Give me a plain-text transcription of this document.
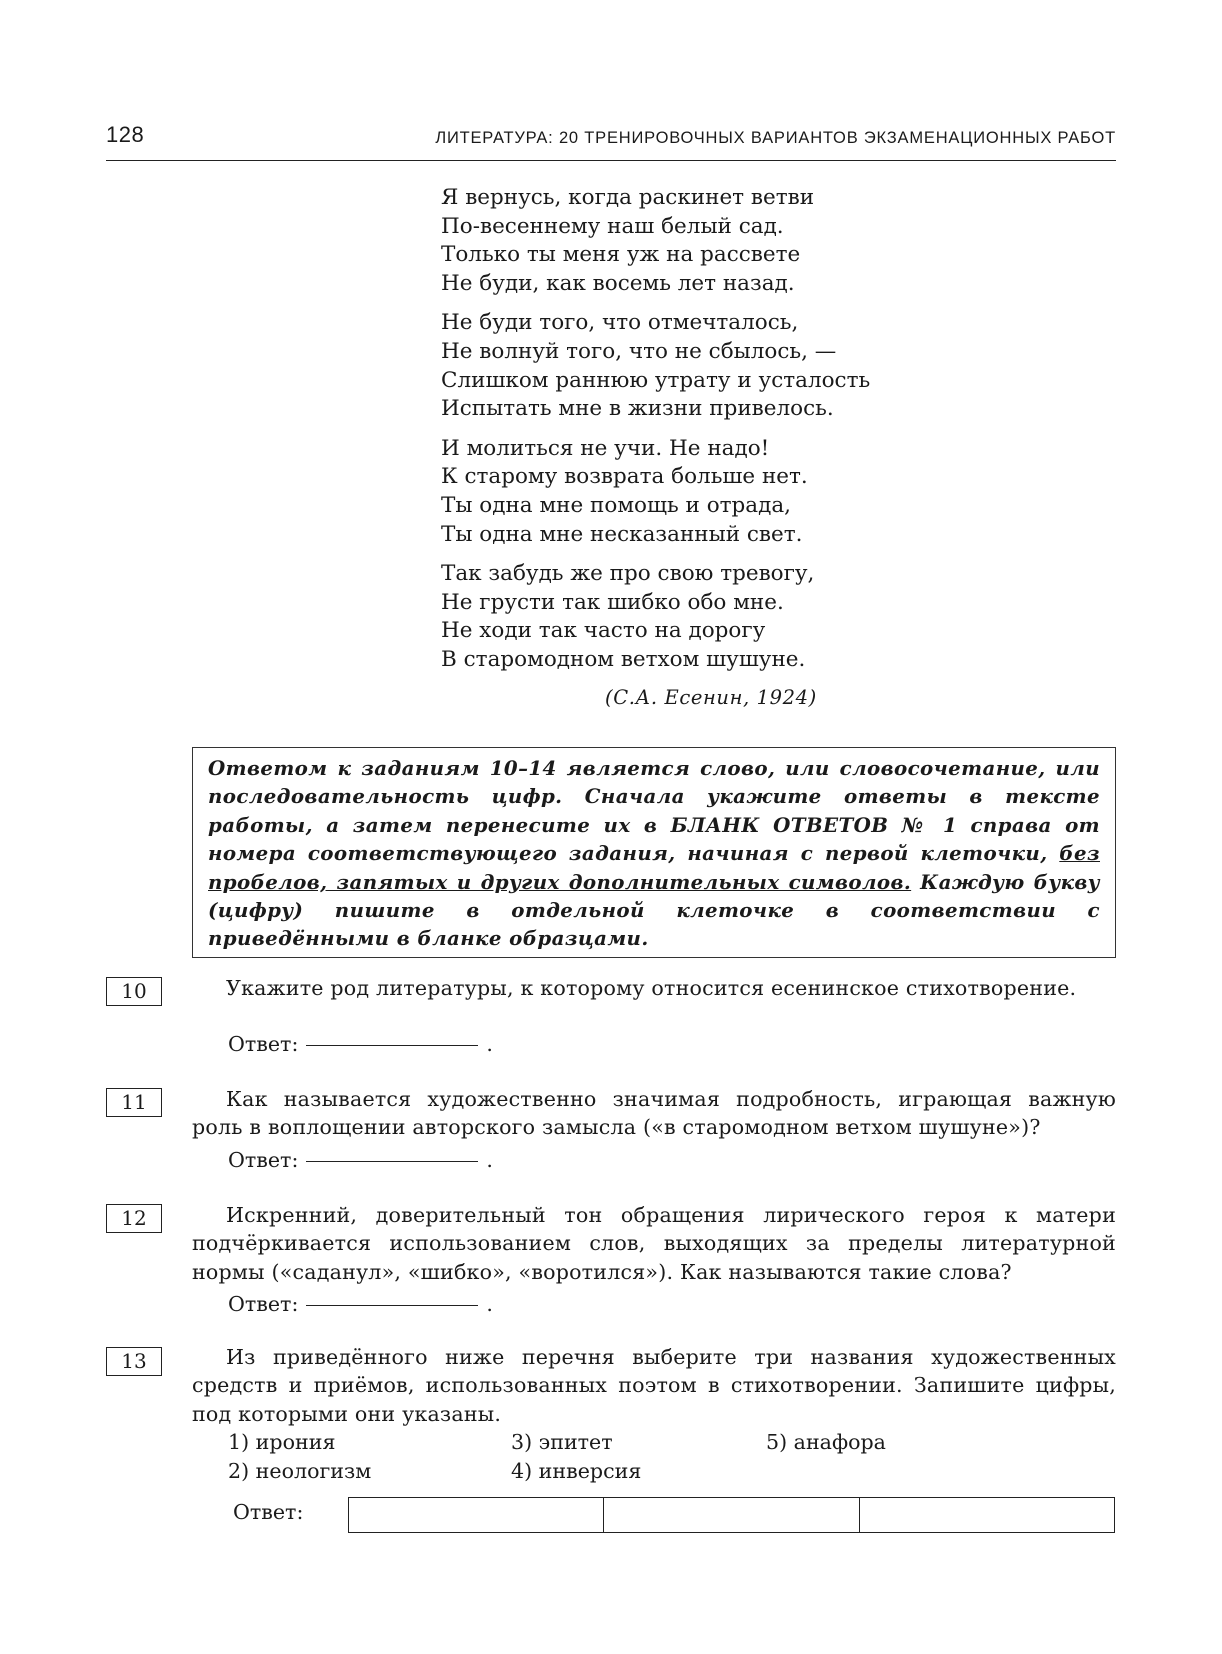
128	ЛИТЕРАТУРА: 20 ТРЕНИРОВОЧНЫХ ВАРИАНТОВ ЭКЗАМЕНАЦИОННЫХ РАБОТ
Я вернусь, когда раскинет ветви
По-весеннему наш белый сад.
Только ты меня уж на рассвете
Не буди, как восемь лет назад.
Не буди того, что отмечталось,
Не волнуй того, что не сбылось, —
Слишком раннюю утрату и усталость
Испытать мне в жизни привелось.
И молиться не учи. Не надо!
К старому возврата больше нет.
Ты одна мне помощь и отрада,
Ты одна мне несказанный свет.
Так забудь же про свою тревогу,
Не грусти так шибко обо мне.
Не ходи так часто на дорогу
В старомодном ветхом шушуне.
(С.А. Есенин, 1924)
Ответом к заданиям 10–14 является слово, или словосочетание, или последовательность цифр. Сначала укажите ответы в тексте работы, а затем перенесите их в БЛАНК ОТВЕТОВ № 1 справа от номера соответствующего задания, начиная с первой клеточки, без пробелов, запятых и других дополнительных символов. Каждую букву (цифру) пишите в отдельной клеточке в соответствии с приведёнными в бланке образцами.
10	Укажите род литературы, к которому относится есенинское стихотворение.
Ответ:	.
11	Как называется художественно значимая подробность, играющая важную роль в воплощении авторского замысла («в старомодном ветхом шушуне»)?
Ответ:	.
12	Искренний, доверительный тон обращения лирического героя к матери подчёркивается использованием слов, выходящих за пределы литературной нормы («саданул», «шибко», «воротился»). Как называются такие слова?
Ответ:	.
13	Из приведённого ниже перечня выберите три названия художественных средств и приёмов, использованных поэтом в стихотворении. Запишите цифры, под которыми они указаны.
1) ирония
2) неологизм
3) эпитет
4) инверсия
5) анафора
Ответ:
